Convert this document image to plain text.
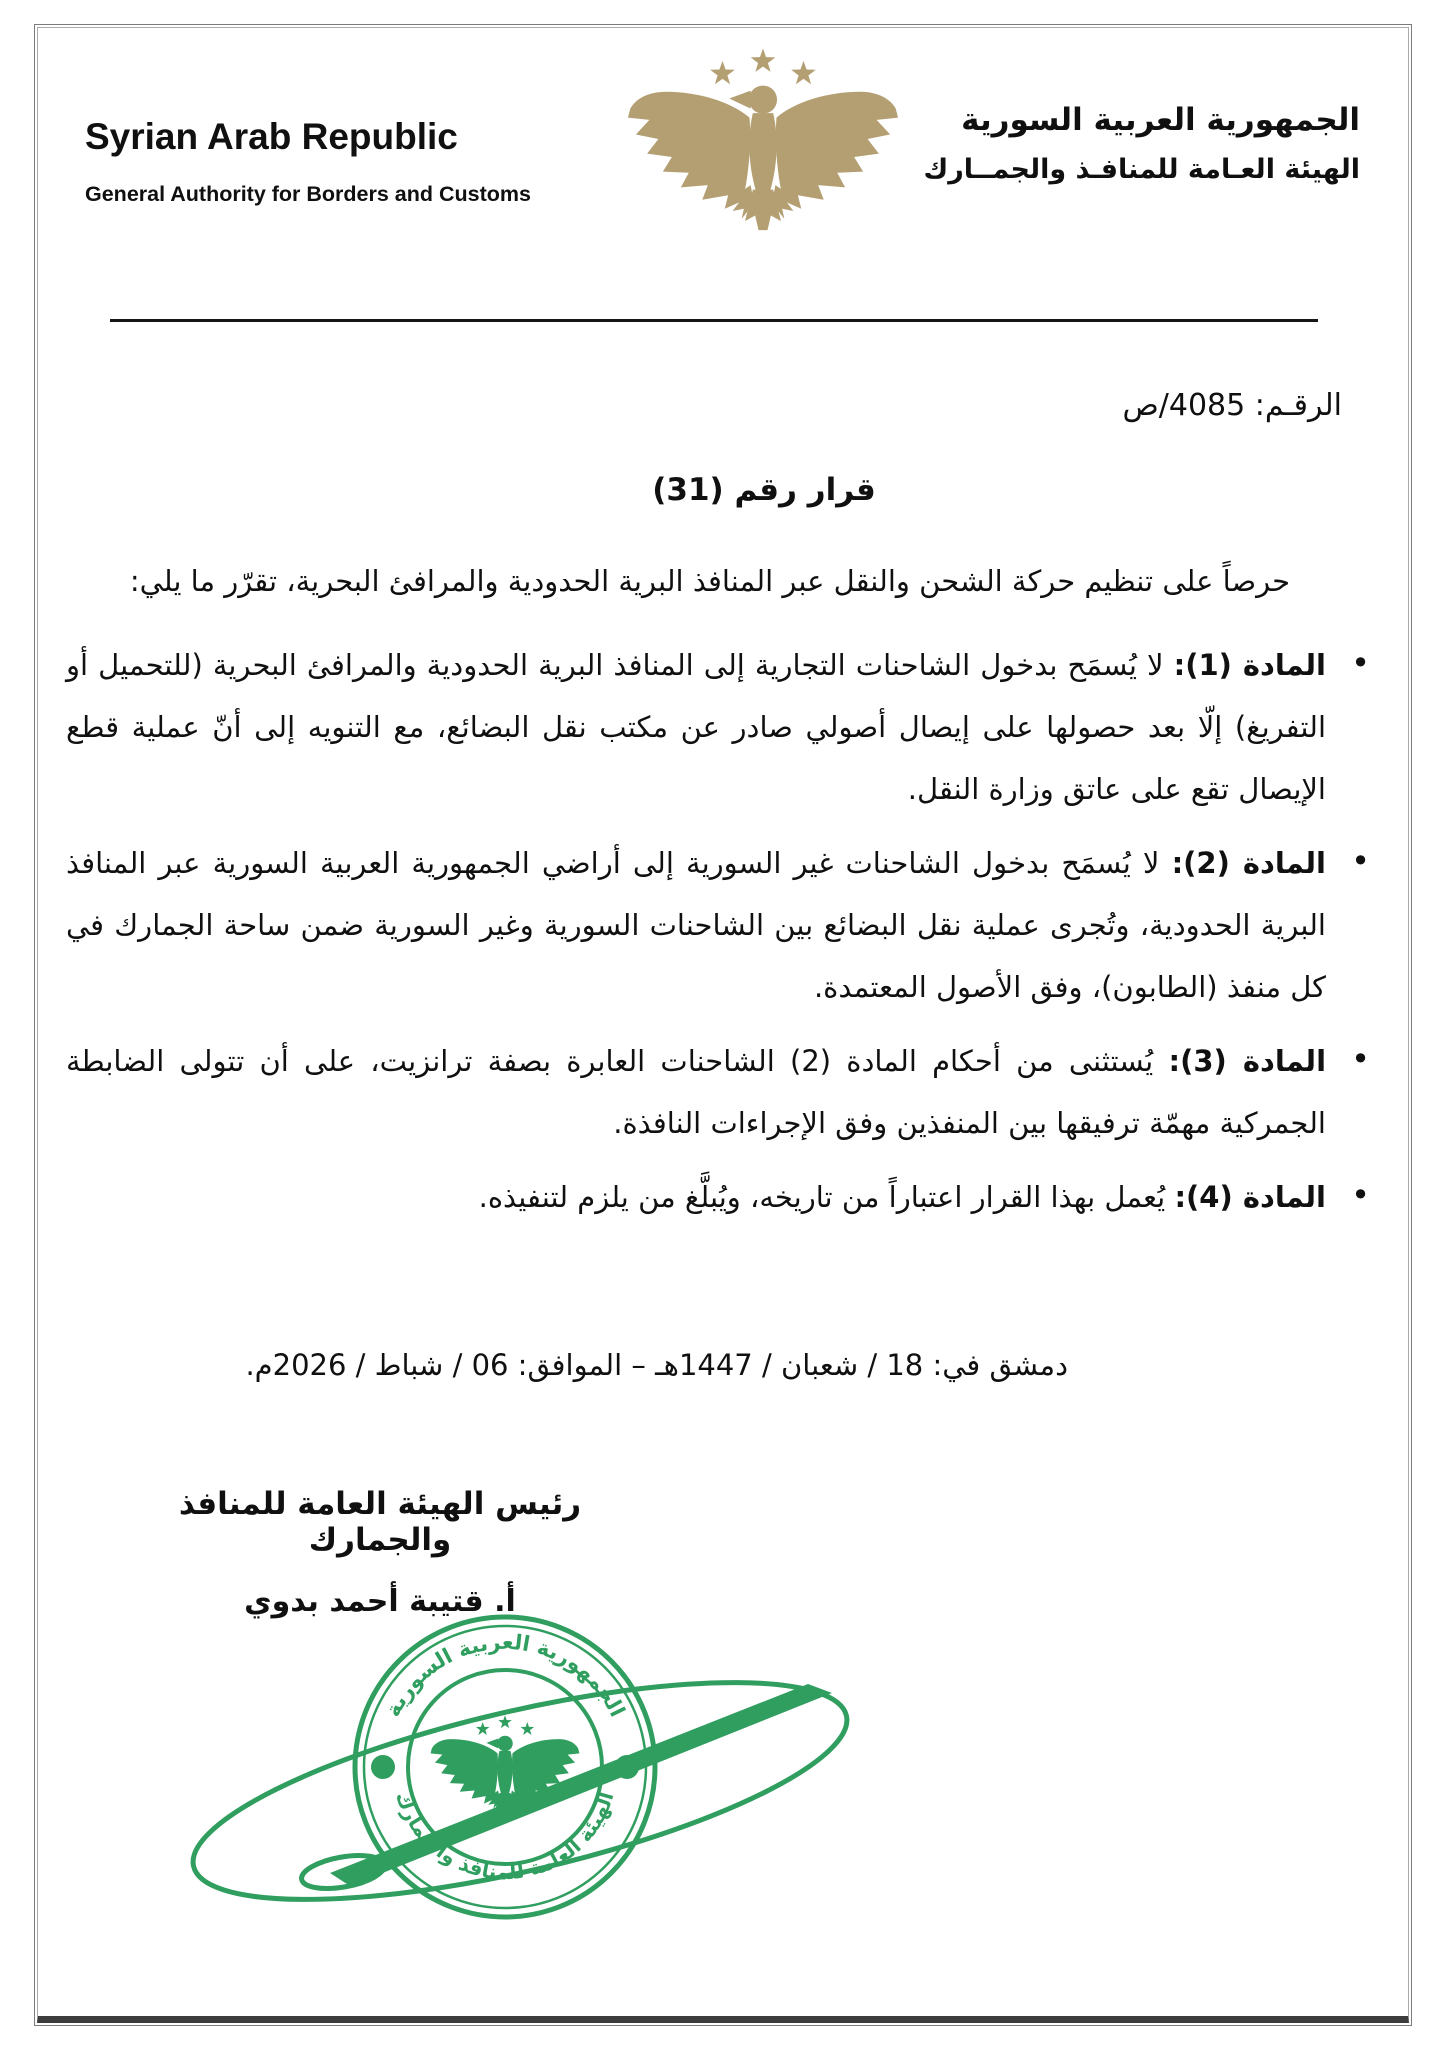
Syrian Arab Republic
General Authority for Borders and Customs
الجمهورية العربية السورية
الهيئة العـامة للمنافـذ والجمــارك
الرقـم: 4085/ص
قرار رقم (31)
حرصاً على تنظيم حركة الشحن والنقل عبر المنافذ البرية الحدودية والمرافئ البحرية، تقرّر ما يلي:
• المادة (1): لا يُسمَح بدخول الشاحنات التجارية إلى المنافذ البرية الحدودية والمرافئ البحرية (للتحميل أو التفريغ) إلّا بعد حصولها على إيصال أصولي صادر عن مكتب نقل البضائع، مع التنويه إلى أنّ عملية قطع الإيصال تقع على عاتق وزارة النقل.
• المادة (2): لا يُسمَح بدخول الشاحنات غير السورية إلى أراضي الجمهورية العربية السورية عبر المنافذ البرية الحدودية، وتُجرى عملية نقل البضائع بين الشاحنات السورية وغير السورية ضمن ساحة الجمارك في كل منفذ (الطابون)، وفق الأصول المعتمدة.
• المادة (3): يُستثنى من أحكام المادة (2) الشاحنات العابرة بصفة ترانزيت، على أن تتولى الضابطة الجمركية مهمّة ترفيقها بين المنفذين وفق الإجراءات النافذة.
• المادة (4): يُعمل بهذا القرار اعتباراً من تاريخه، ويُبلَّغ من يلزم لتنفيذه.
دمشق في: 18 / شعبان / 1447هـ – الموافق: 06 / شباط / 2026م.
رئيس الهيئة العامة للمنافذ والجمارك
أ. قتيبة أحمد بدوي
الجمهورية العربية السورية
الهيئة العامة للمنافذ والجمارك
